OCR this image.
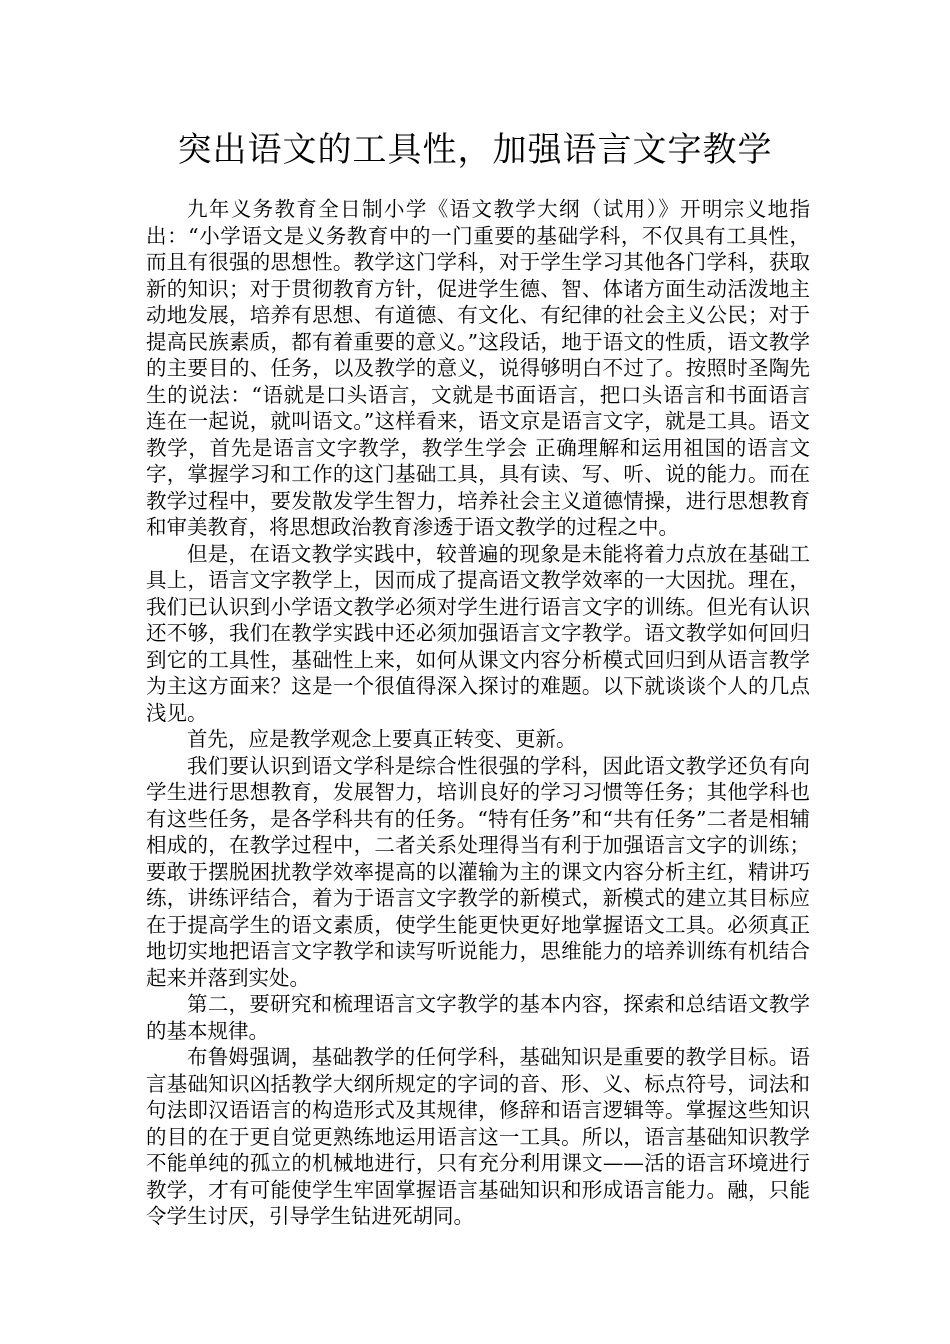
突出语文的工具性，加强语言文字教学

九年义务教育全日制小学《语文教学大纲（试用）》开明宗义地指出：“小学语文是义务教育中的一门重要的基础学科，不仅具有工具性，而且有很强的思想性。教学这门学科，对于学生学习其他各门学科，获取新的知识；对于贯彻教育方针，促进学生德、智、体诸方面生动活泼地主动地发展，培养有思想、有道德、有文化、有纪律的社会主义公民；对于提高民族素质，都有着重要的意义。”这段话，地于语文的性质，语文教学的主要目的、任务，以及教学的意义，说得够明白不过了。按照时圣陶先生的说法：“语就是口头语言，文就是书面语言，把口头语言和书面语言连在一起说，就叫语文。”这样看来，语文京是语言文字，就是工具。语文教学，首先是语言文字教学，教学生学会 正确理解和运用祖国的语言文字，掌握学习和工作的这门基础工具，具有读、写、听、说的能力。而在教学过程中，要发散发学生智力，培养社会主义道德情操，进行思想教育和审美教育，将思想政治教育渗透于语文教学的过程之中。

但是，在语文教学实践中，较普遍的现象是未能将着力点放在基础工具上，语言文字教学上，因而成了提高语文教学效率的一大因扰。理在，我们已认识到小学语文教学必须对学生进行语言文字的训练。但光有认识还不够，我们在教学实践中还必须加强语言文字教学。语文教学如何回归到它的工具性，基础性上来，如何从课文内容分析模式回归到从语言教学为主这方面来？这是一个很值得深入探讨的难题。以下就谈谈个人的几点浅见。

首先，应是教学观念上要真正转变、更新。

我们要认识到语文学科是综合性很强的学科，因此语文教学还负有向学生进行思想教育，发展智力，培训良好的学习习惯等任务；其他学科也有这些任务，是各学科共有的任务。“特有任务”和“共有任务”二者是相辅相成的，在教学过程中，二者关系处理得当有利于加强语言文字的训练；要敢于摆脱困扰教学效率提高的以灌输为主的课文内容分析主红，精讲巧练，讲练评结合，着为于语言文字教学的新模式，新模式的建立其目标应在于提高学生的语文素质，使学生能更快更好地掌握语文工具。必须真正地切实地把语言文字教学和读写听说能力，思维能力的培养训练有机结合起来并落到实处。

第二，要研究和梳理语言文字教学的基本内容，探索和总结语文教学的基本规律。

布鲁姆强调，基础教学的任何学科，基础知识是重要的教学目标。语言基础知识凶括教学大纲所规定的字词的音、形、义、标点符号，词法和句法即汉语语言的构造形式及其规律，修辞和语言逻辑等。掌握这些知识的目的在于更自觉更熟练地运用语言这一工具。所以，语言基础知识教学不能单纯的孤立的机械地进行，只有充分利用课文——活的语言环境进行教学，才有可能使学生牢固掌握语言基础知识和形成语言能力。融，只能令学生讨厌，引导学生钻进死胡同。
